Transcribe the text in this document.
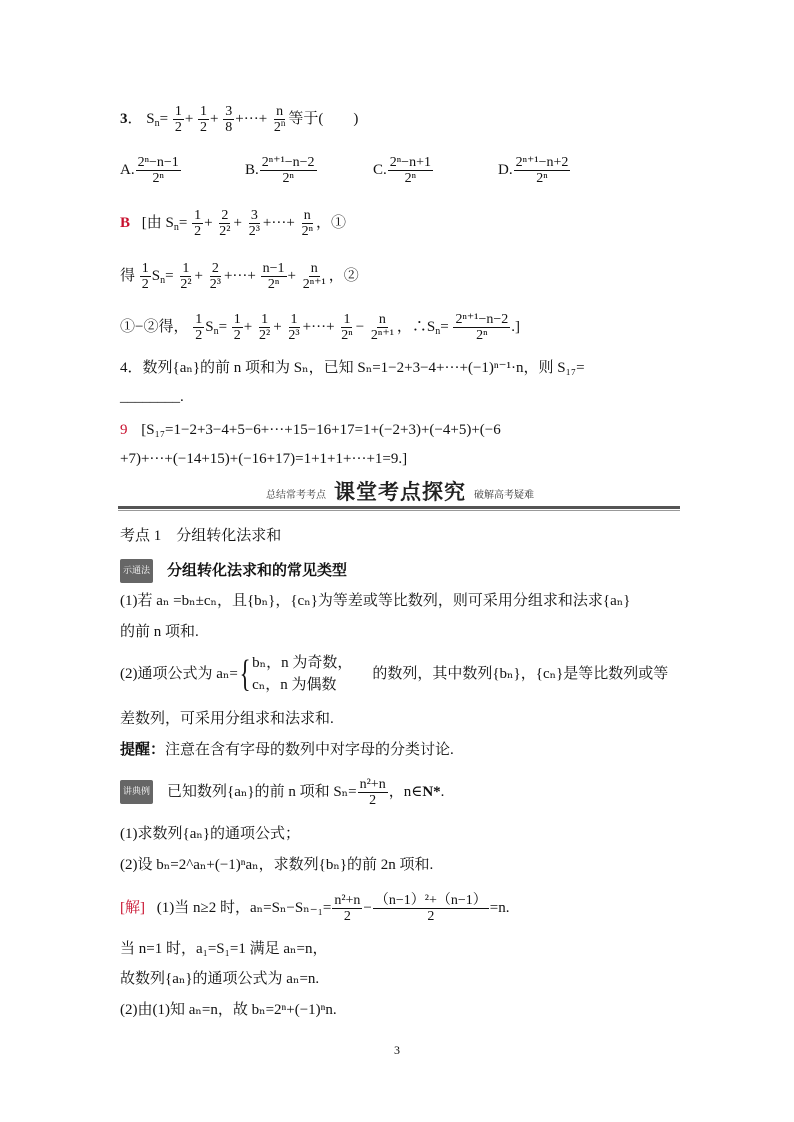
3． $S_n= \frac{1}{2} + \frac{1}{2} + \frac{3}{8}$ +···+ $\frac{n}{2^n}$ 等于(　　)
A. $\frac{\text{2ⁿ−n−1}}{\text{2ⁿ}}$	B. $\frac{\text{2ⁿ⁺¹−n−2}}{\text{2ⁿ}}$	C. $\frac{\text{2ⁿ−n+1}}{\text{2ⁿ}}$	D. $\frac{\text{2ⁿ⁺¹−n+2}}{\text{2ⁿ}}$
B [由 $S_n= \frac{1}{2} + \frac{2}{\text{2²}} + \frac{3}{\text{2³}}$ +···+ $\frac{n}{\text{2ⁿ}}$ ，①
得 $\frac{1}{2} S_n= \frac{1}{\text{2²}} + \frac{2}{\text{2³}}$ +···+ $\frac{n-1}{\text{2ⁿ}} + \frac{n}{\text{2ⁿ⁺¹}}$ ，②
①−②得， $\frac{1}{2} S_n= \frac{1}{2} + \frac{1}{\text{2²}} + \frac{1}{\text{2³}}$ +···+ $\frac{1}{\text{2ⁿ}} - \frac{n}{\text{2ⁿ⁺¹}}$ ，$\therefore S_n= \frac{\text{2ⁿ⁺¹−n−2}}{\text{2ⁿ}}$ .]
4．数列{aₙ}的前 n 项和为 Sₙ，已知 Sₙ=1−2+3−4+···+(−1)ⁿ⁻¹·n，则 S₁₇=
________.
9 [S₁₇=1−2+3−4+5−6+···+15−16+17=1+(−2+3)+(−4+5)+(−6
+7)+···+(−14+15)+(−16+17)=1+1+1+···+1=9.]
总结常考考点 课堂考点探究 破解高考疑难
考点 1　分组转化法求和
示通法 分组转化法求和的常见类型
(1)若 aₙ =bₙ±cₙ，且{bₙ}，{cₙ}为等差或等比数列，则可采用分组求和法求{aₙ}
的前 n 项和.
(2)通项公式为 aₙ={ bₙ，n 为奇数，
cₙ，n 为偶数
的数列，其中数列{bₙ}，{cₙ}是等比数列或等
差数列，可采用分组求和法求和.
提醒：注意在含有字母的数列中对字母的分类讨论.
讲典例 已知数列{aₙ}的前 n 项和 $S_n= \frac{\text{n²+n}}{2}$ ，n∈N*.
(1)求数列{aₙ}的通项公式；
(2)设 bₙ=2^aₙ+(−1)ⁿaₙ，求数列{bₙ}的前 2n 项和.
[解] (1)当 n≥2 时，$a_n=S_n-S_{n-1}= \frac{\text{n²+n}}{2} - \frac{\text{（n−1）²+（n−1）}}{2} =n$.
当 n=1 时，a₁=S₁=1 满足 aₙ=n，
故数列{aₙ}的通项公式为 aₙ=n.
(2)由(1)知 aₙ=n，故 bₙ=2ⁿ+(−1)ⁿn.
3
